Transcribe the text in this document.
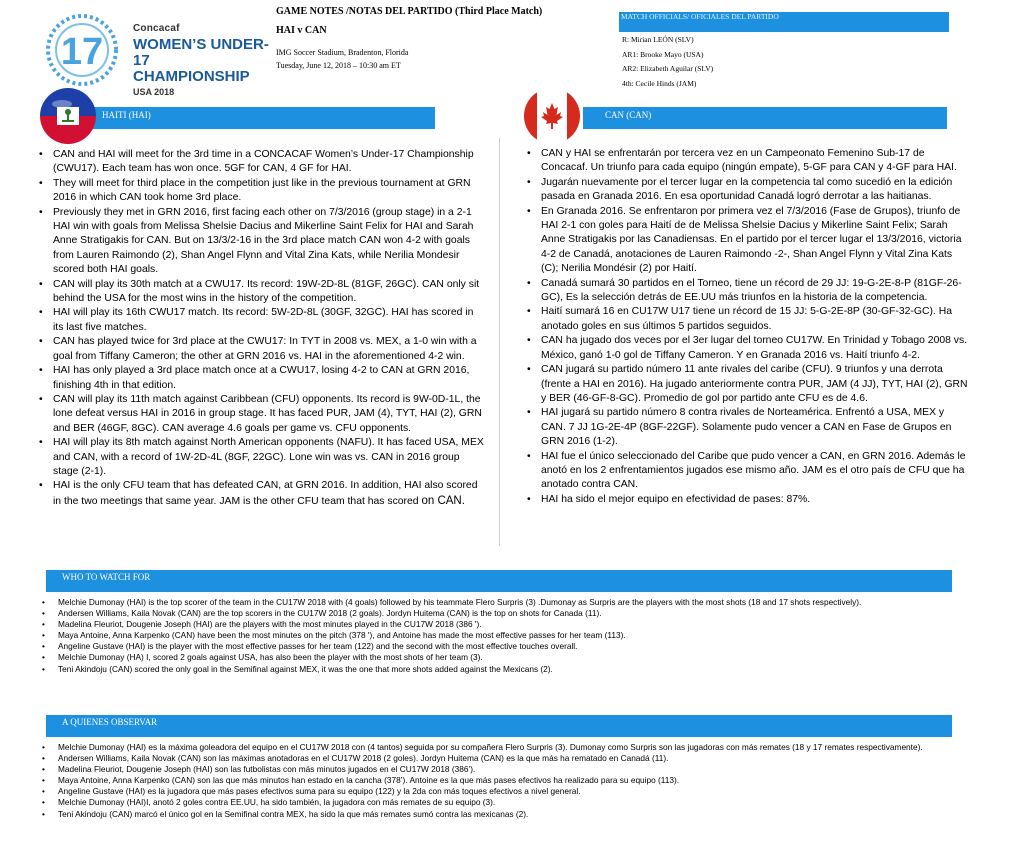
17
Concacaf
WOMEN’S UNDER-17
CHAMPIONSHIP
USA 2018
GAME NOTES /NOTAS DEL PARTIDO (Third Place Match)
HAI v CAN
IMG Soccer Stadium, Bradenton, Florida
Tuesday, June 12, 2018 – 10:30 am ET
MATCH OFFICIALS/ OFICIALES DEL PARTIDO
R: Mirian LEÓN (SLV)
AR1: Brooke Mayo (USA)
AR2: Elizabeth Aguilar (SLV)
4th: Cecile Hinds (JAM)
HAITI (HAI)	CAN (CAN)
• CAN and HAI will meet for the 3rd time in a CONCACAF Women’s Under-17 Championship (CWU17). Each team has won once. 5GF for CAN, 4 GF for HAI.
• They will meet for third place in the competition just like in the previous tournament at GRN 2016 in which CAN took home 3rd place.
• Previously they met in GRN 2016, first facing each other on 7/3/2016 (group stage) in a 2-1 HAI win with goals from Melissa Shelsie Dacius and Mikerline Saint Felix for HAI and Sarah Anne Stratigakis for CAN. But on 13/3/2-16 in the 3rd place match CAN won 4-2 with goals from Lauren Raimondo (2), Shan Angel Flynn and Vital Zina Kats, while Nerilia Mondesir scored both HAI goals.
• CAN will play its 30th match at a CWU17. Its record: 19W-2D-8L (81GF, 26GC). CAN only sit behind the USA for the most wins in the history of the competition.
• HAI will play its 16th CWU17 match. Its record: 5W-2D-8L (30GF, 32GC). HAI has scored in its last five matches.
• CAN has played twice for 3rd place at the CWU17: In TYT in 2008 vs. MEX, a 1-0 win with a goal from Tiffany Cameron; the other at GRN 2016 vs. HAI in the aforementioned 4-2 win.
• HAI has only played a 3rd place match once at a CWU17, losing 4-2 to CAN at GRN 2016, finishing 4th in that edition.
• CAN will play its 11th match against Caribbean (CFU) opponents. Its record is 9W-0D-1L, the lone defeat versus HAI in 2016 in group stage. It has faced PUR, JAM (4), TYT, HAI (2), GRN and BER (46GF, 8GC). CAN average 4.6 goals per game vs. CFU opponents.
• HAI will play its 8th match against North American opponents (NAFU). It has faced USA, MEX and CAN, with a record of 1W-2D-4L (8GF, 22GC). Lone win was vs. CAN in 2016 group stage (2-1).
• HAI is the only CFU team that has defeated CAN, at GRN 2016. In addition, HAI also scored in the two meetings that same year. JAM is the other CFU team that has scored on CAN.
• CAN y HAI se enfrentarán por tercera vez en un Campeonato Femenino Sub-17 de Concacaf. Un triunfo para cada equipo (ningún empate), 5-GF para CAN y 4-GF para HAI.
• Jugarán nuevamente por el tercer lugar en la competencia tal como sucedió en la edición pasada en Granada 2016. En esa oportunidad Canadá logró derrotar a las haitianas.
• En Granada 2016. Se enfrentaron por primera vez el 7/3/2016 (Fase de Grupos), triunfo de HAI 2-1 con goles para Haití de de Melissa Shelsie Dacius y Mikerline Saint Felix; Sarah Anne Stratigakis por las Canadiensas. En el partido por el tercer lugar el 13/3/2016, victoria 4-2 de Canadá, anotaciones de Lauren Raimondo -2-, Shan Angel Flynn y Vital Zina Kats (C); Nerilia Mondésir (2) por Haití.
• Canadá sumará 30 partidos en el Torneo, tiene un récord de 29 JJ: 19-G-2E-8-P (81GF-26-GC), Es la selección detrás de EE.UU más triunfos en la historia de la competencia.
• Haití sumará 16 en CU17W U17 tiene un récord de 15 JJ: 5-G-2E-8P (30-GF-32-GC). Ha anotado goles en sus últimos 5 partidos seguidos.
• CAN ha jugado dos veces por el 3er lugar del torneo CU17W. En Trinidad y Tobago 2008 vs. México, ganó 1-0 gol de Tiffany Cameron. Y en Granada 2016 vs. Haití triunfo 4-2.
• CAN jugará su partido número 11 ante rivales del caribe (CFU). 9 triunfos y una derrota (frente a HAI en 2016). Ha jugado anteriormente contra PUR, JAM (4 JJ), TYT, HAI (2), GRN y BER (46-GF-8-GC). Promedio de gol por partido ante CFU es de 4.6.
• HAI jugará su partido número 8 contra rivales de Norteamérica. Enfrentó a USA, MEX y CAN. 7 JJ 1G-2E-4P (8GF-22GF). Solamente pudo vencer a CAN en Fase de Grupos en GRN 2016 (1-2).
• HAI fue el único seleccionado del Caribe que pudo vencer a CAN, en GRN 2016. Además le anotó en los 2 enfrentamientos jugados ese mismo año. JAM es el otro país de CFU que ha anotado contra CAN.
• HAI ha sido el mejor equipo en efectividad de pases: 87%.
WHO TO WATCH FOR
• Melchie Dumonay (HAI) is the top scorer of the team in the CU17W 2018 with (4 goals) followed by his teammate Flero Surpris (3) .Dumonay as Surpris are the players with the most shots (18 and 17 shots respectively).
• Andersen Williams, Kaila Novak (CAN) are the top scorers in the CU17W 2018 (2 goals). Jordyn Huitema (CAN) is the top on shots for Canada (11).
• Madelina Fleuriot, Dougenie Joseph (HAI) are the players with the most minutes played in the CU17W 2018 (386 ').
• Maya Antoine, Anna Karpenko (CAN) have been the most minutes on the pitch (378 '), and Antoine has made the most effective passes for her team (113).
• Angeline Gustave (HAI) is the player with the most effective passes for her team (122) and the second with the most effective touches overall.
• Melchie Dumonay (HA) I, scored 2 goals against USA, has also been the player with the most shots of her team (3).
• Teni Akindoju (CAN) scored the only goal in the Semifinal against MEX, it was the one that more shots added against the Mexicans (2).
A QUIENES OBSERVAR
• Melchie Dumonay (HAI) es la máxima goleadora del equipo en el CU17W 2018 con (4 tantos) seguida por su compañera Flero Surpris (3). Dumonay como Surpris son las jugadoras con más remates (18 y 17 remates respectivamente).
• Andersen Williams, Kaila Novak (CAN) son las máximas anotadoras en el CU17W 2018 (2 goles). Jordyn Huitema (CAN) es la que más ha rematado en Canadá (11).
• Madelina Fleuriot, Dougenie Joseph (HAI) son las futbolistas con más minutos jugados en el CU17W 2018 (386’).
• Maya Antoine, Anna Karpenko (CAN) son las que más minutos han estado en la cancha (378’). Antoine es la que más pases efectivos ha realizado para su equipo (113).
• Angeline Gustave (HAI) es la jugadora que más pases efectivos suma para su equipo (122) y la 2da con más toques efectivos a nivel general.
• Melchie Dumonay (HAI)I, anotó 2 goles contra EE.UU, ha sido también, la jugadora con más remates de su equipo (3).
• Teni Akindoju (CAN) marcó el único gol en la Semifinal contra MEX, ha sido la que más remates sumó contra las mexicanas (2).
